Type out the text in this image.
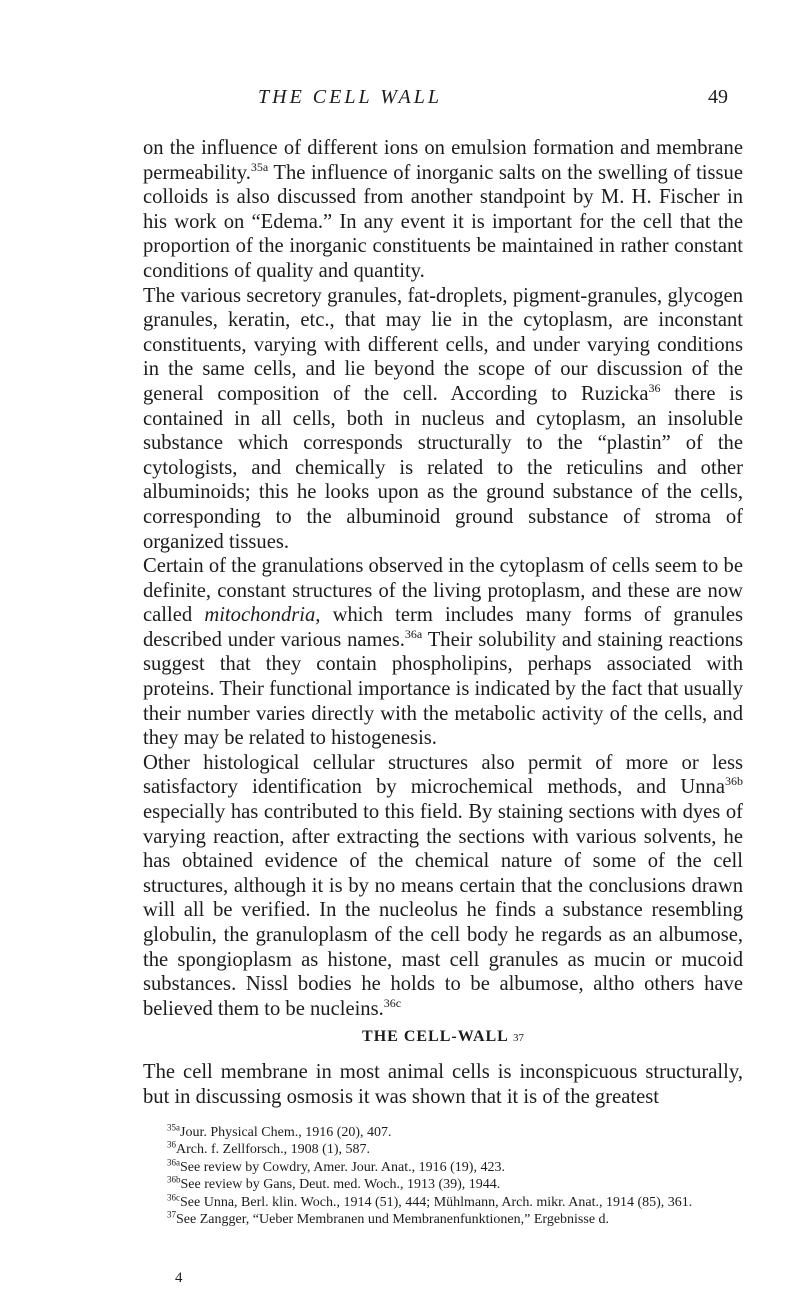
THE CELL WALL	49

on the influence of different ions on emulsion formation and membrane permeability.$^{35a}$ The influence of inorganic salts on the swelling of tissue colloids is also discussed from another standpoint by M. H. Fischer in his work on “Edema.” In any event it is important for the cell that the proportion of the inorganic constituents be maintained in rather constant conditions of quality and quantity.

The various secretory granules, fat-droplets, pigment-granules, glycogen granules, keratin, etc., that may lie in the cytoplasm, are inconstant constituents, varying with different cells, and under varying conditions in the same cells, and lie beyond the scope of our discussion of the general composition of the cell. According to Ruzicka$^{36}$ there is contained in all cells, both in nucleus and cytoplasm, an insoluble substance which corresponds structurally to the “plastin” of the cytologists, and chemically is related to the reticulins and other albuminoids; this he looks upon as the ground substance of the cells, corresponding to the albuminoid ground substance of stroma of organized tissues.

Certain of the granulations observed in the cytoplasm of cells seem to be definite, constant structures of the living protoplasm, and these are now called mitochondria, which term includes many forms of granules described under various names.$^{36a}$ Their solubility and staining reactions suggest that they contain phospholipins, perhaps associated with proteins. Their functional importance is indicated by the fact that usually their number varies directly with the metabolic activity of the cells, and they may be related to histogenesis.

Other histological cellular structures also permit of more or less satisfactory identification by microchemical methods, and Unna$^{36b}$ especially has contributed to this field. By staining sections with dyes of varying reaction, after extracting the sections with various solvents, he has obtained evidence of the chemical nature of some of the cell structures, although it is by no means certain that the conclusions drawn will all be verified. In the nucleolus he finds a substance resembling globulin, the granuloplasm of the cell body he regards as an albumose, the spongioplasm as histone, mast cell granules as mucin or mucoid substances. Nissl bodies he holds to be albumose, altho others have believed them to be nucleins.$^{36c}$

THE CELL-WALL 37

The cell membrane in most animal cells is inconspicuous structurally, but in discussing osmosis it was shown that it is of the greatest

$^{35a}$Jour. Physical Chem., 1916 (20), 407.

$^{36}$Arch. f. Zellforsch., 1908 (1), 587.

$^{36a}$See review by Cowdry, Amer. Jour. Anat., 1916 (19), 423.

$^{36b}$See review by Gans, Deut. med. Woch., 1913 (39), 1944.

$^{36c}$See Unna, Berl. klin. Woch., 1914 (51), 444; Mühlmann, Arch. mikr. Anat., 1914 (85), 361.

$^{37}$See Zangger, “Ueber Membranen und Membranenfunktionen,” Ergebnisse d.

4
